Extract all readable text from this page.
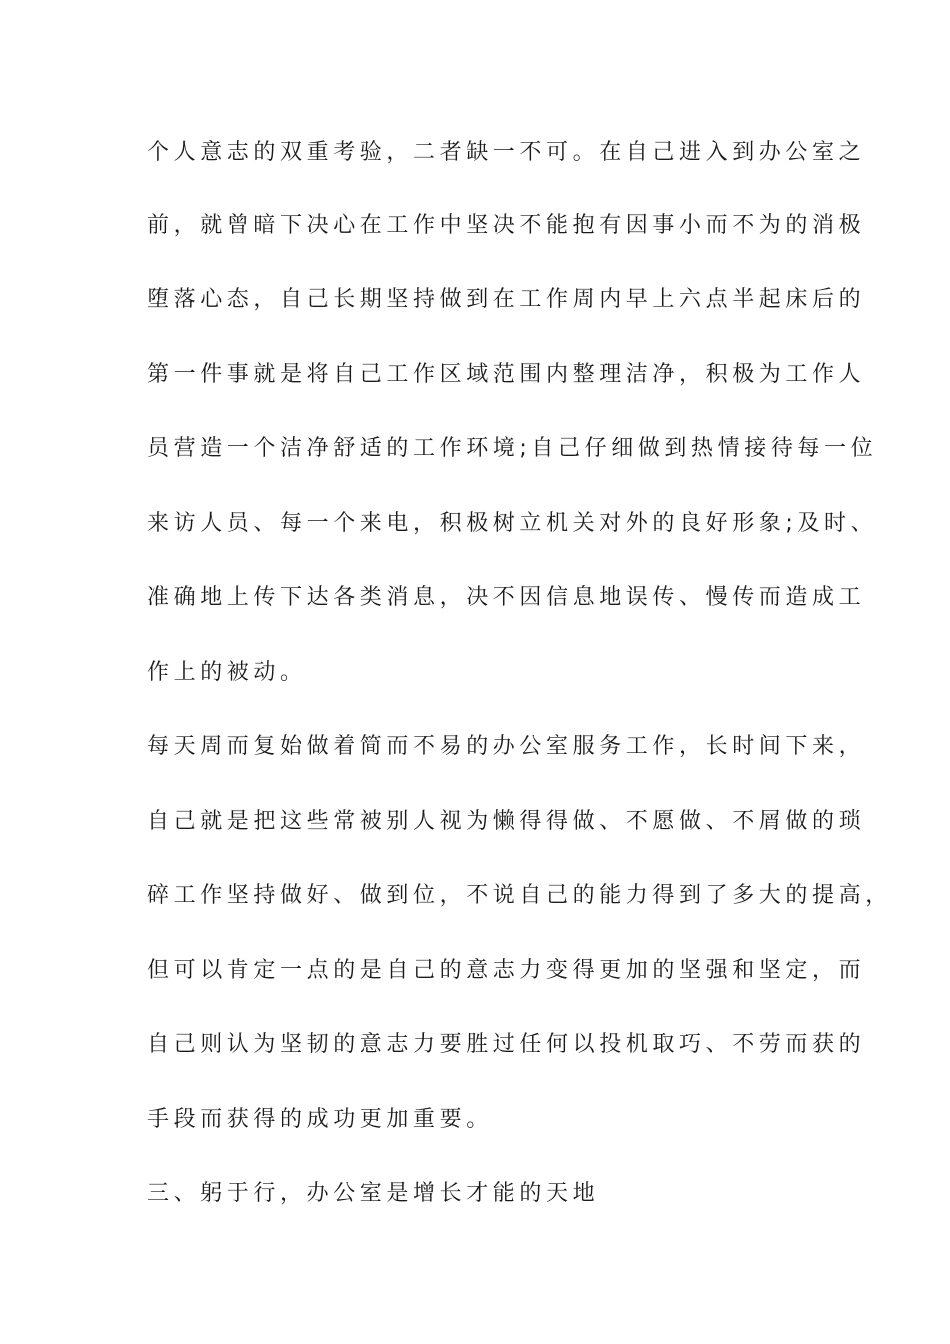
个人意志的双重考验，二者缺一不可。在自己进入到办公室之

前，就曾暗下决心在工作中坚决不能抱有因事小而不为的消极

堕落心态，自己长期坚持做到在工作周内早上六点半起床后的

第一件事就是将自己工作区域范围内整理洁净，积极为工作人

员营造一个洁净舒适的工作环境;自己仔细做到热情接待每一位

来访人员、每一个来电，积极树立机关对外的良好形象;及时、

准确地上传下达各类消息，决不因信息地误传、慢传而造成工

作上的被动。

每天周而复始做着简而不易的办公室服务工作，长时间下来，

自己就是把这些常被别人视为懒得得做、不愿做、不屑做的琐

碎工作坚持做好、做到位，不说自己的能力得到了多大的提高，

但可以肯定一点的是自己的意志力变得更加的坚强和坚定，而

自己则认为坚韧的意志力要胜过任何以投机取巧、不劳而获的

手段而获得的成功更加重要。

三、躬于行，办公室是增长才能的天地
